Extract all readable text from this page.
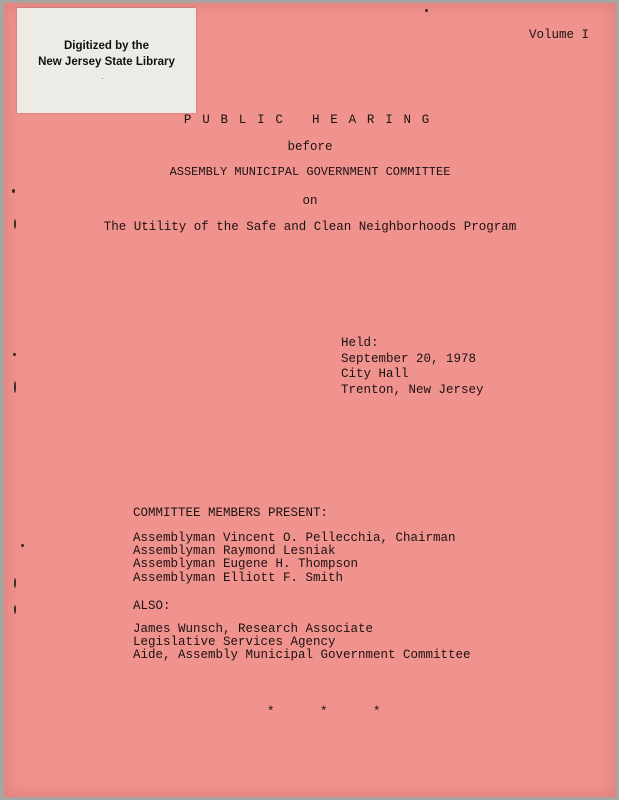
Digitized by the
New Jersey State Library
·
Volume I
PUBLIC HEARING
before
ASSEMBLY MUNICIPAL GOVERNMENT COMMITTEE
on
The Utility of the Safe and Clean Neighborhoods Program
Held:
September 20, 1978
City Hall
Trenton, New Jersey
COMMITTEE MEMBERS PRESENT:
Assemblyman Vincent O. Pellecchia, Chairman
Assemblyman Raymond Lesniak
Assemblyman Eugene H. Thompson
Assemblyman Elliott F. Smith
ALSO:
James Wunsch, Research Associate
Legislative Services Agency
Aide, Assembly Municipal Government Committee
* * *
